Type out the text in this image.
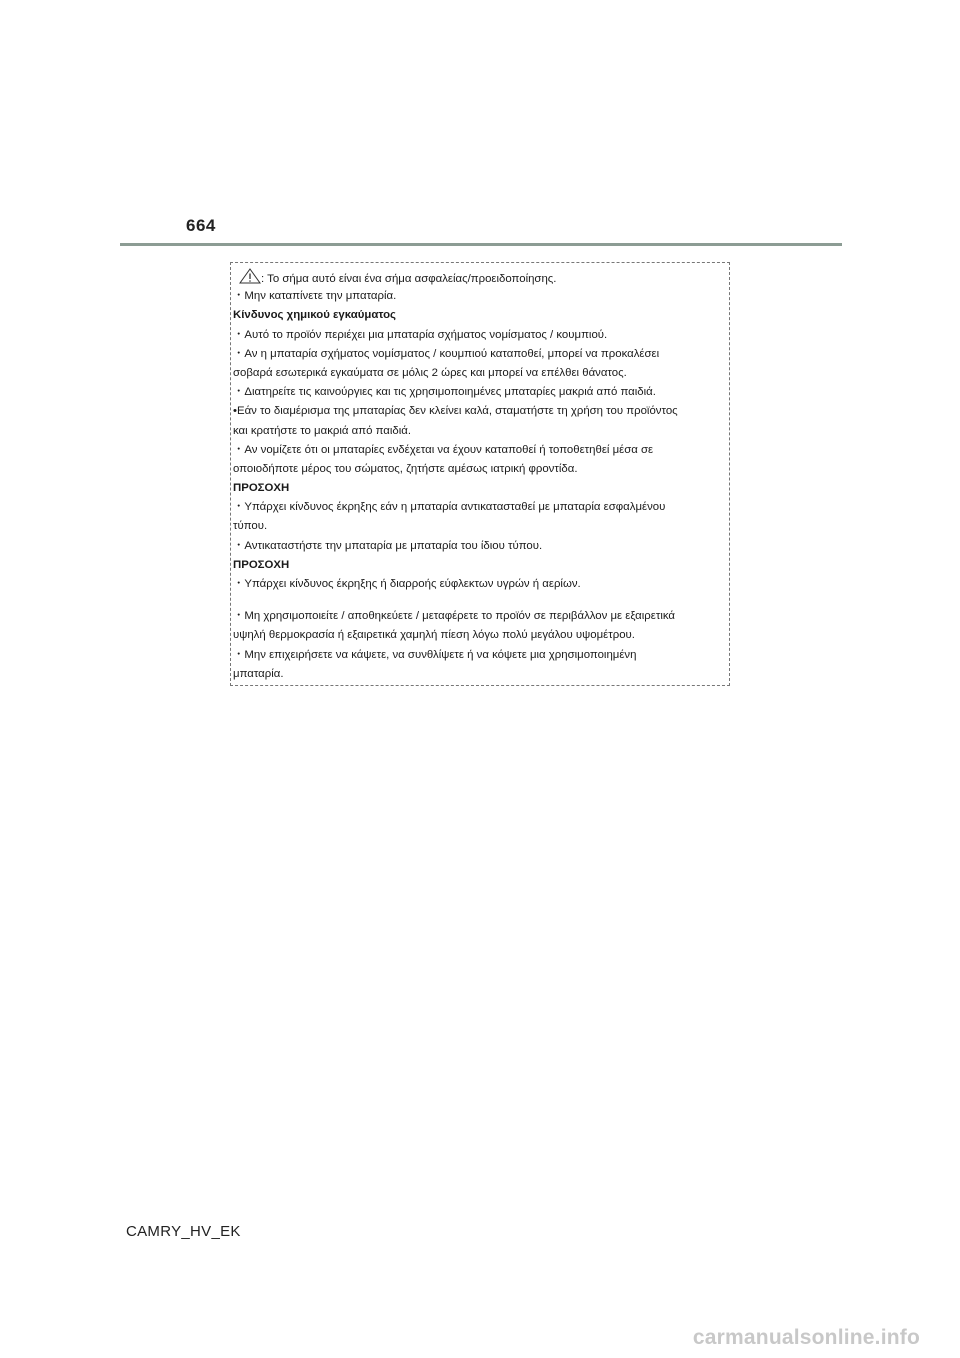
664
: Το σήμα αυτό είναι ένα σήμα ασφαλείας/προειδοποίησης.
・Μην καταπίνετε την μπαταρία.
Κίνδυνος χημικού εγκαύματος
・Αυτό το προϊόν περιέχει μια μπαταρία σχήματος νομίσματος / κουμπιού.
・Αν η μπαταρία σχήματος νομίσματος / κουμπιού καταποθεί, μπορεί να προκαλέσει
σοβαρά εσωτερικά εγκαύματα σε μόλις 2 ώρες και μπορεί να επέλθει θάνατος.
・Διατηρείτε τις καινούργιες και τις χρησιμοποιημένες μπαταρίες μακριά από παιδιά.
•Εάν το διαμέρισμα της μπαταρίας δεν κλείνει καλά, σταματήστε τη χρήση του προϊόντος
και κρατήστε το μακριά από παιδιά.
・Αν νομίζετε ότι οι μπαταρίες ενδέχεται να έχουν καταποθεί ή τοποθετηθεί μέσα σε
οποιοδήποτε μέρος του σώματος, ζητήστε αμέσως ιατρική φροντίδα.
ΠΡΟΣΟΧΗ
・Υπάρχει κίνδυνος έκρηξης εάν η μπαταρία αντικατασταθεί με μπαταρία εσφαλμένου
τύπου.
・Αντικαταστήστε την μπαταρία με μπαταρία του ίδιου τύπου.
ΠΡΟΣΟΧΗ
・Υπάρχει κίνδυνος έκρηξης ή διαρροής εύφλεκτων υγρών ή αερίων.
・Μη χρησιμοποιείτε / αποθηκεύετε / μεταφέρετε το προϊόν σε περιβάλλον με εξαιρετικά
υψηλή θερμοκρασία ή εξαιρετικά χαμηλή πίεση λόγω πολύ μεγάλου υψομέτρου.
・Μην επιχειρήσετε να κάψετε, να συνθλίψετε ή να κόψετε μια χρησιμοποιημένη
μπαταρία.
CAMRY_HV_EK
carmanualsonline.info
